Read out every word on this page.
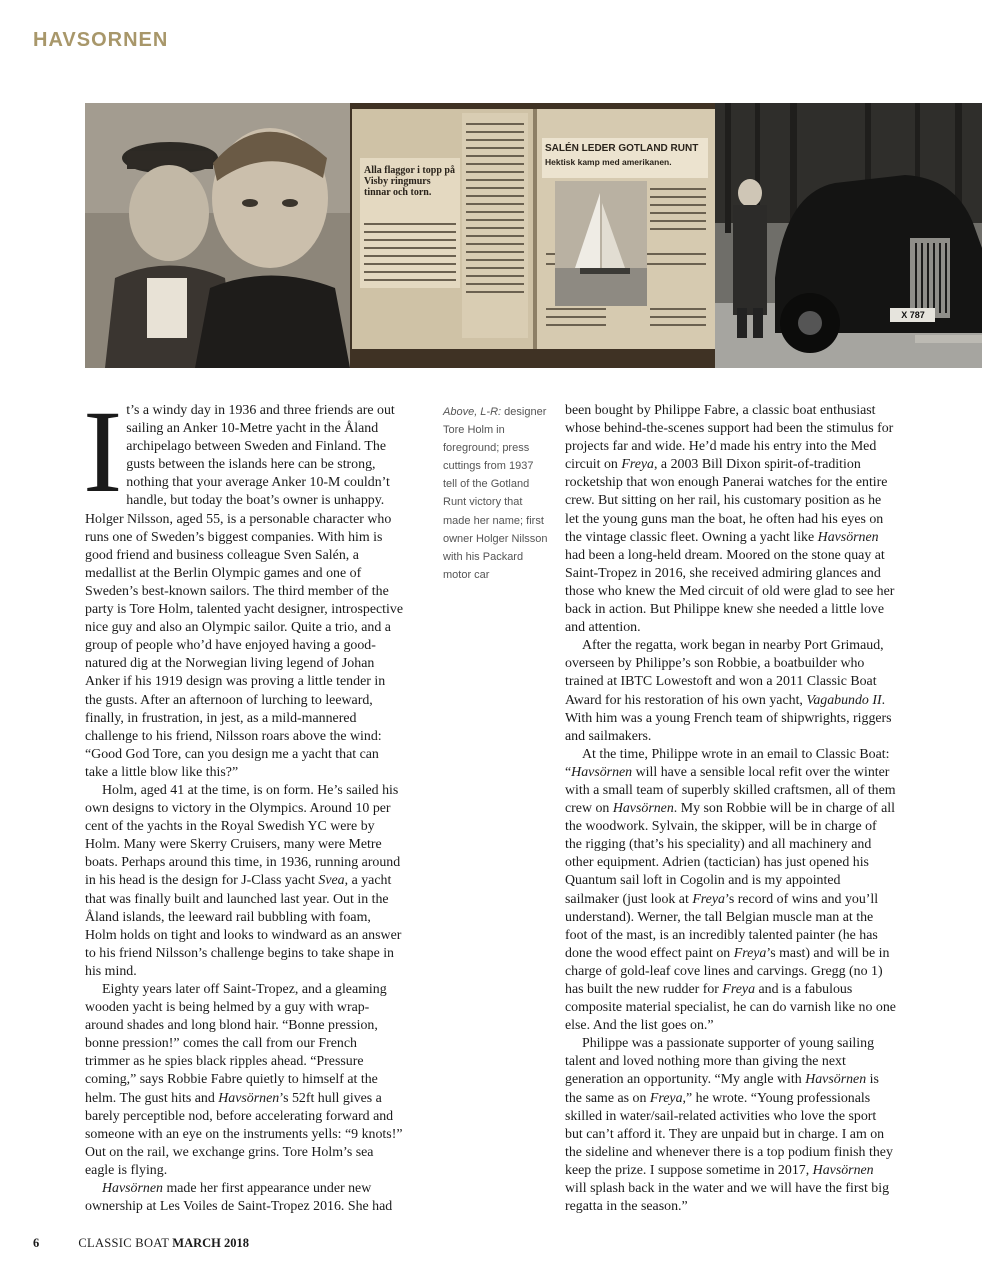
HAVSORNEN
Alla flaggor i topp på Visby ringmurs tinnar och torn.
SALÉN LEDER GOTLAND RUNT
Hektisk kamp med amerikanen.
X 787

It’s a windy day in 1936 and three friends are out sailing an Anker 10-Metre yacht in the Åland archipelago between Sweden and Finland. The gusts between the islands here can be strong, nothing that your average Anker 10-M couldn’t handle, but today the boat’s owner is unhappy. Holger Nilsson, aged 55, is a personable character who runs one of Sweden’s biggest companies. With him is good friend and business colleague Sven Salén, a medallist at the Berlin Olympic games and one of Sweden’s best-known sailors. The third member of the party is Tore Holm, talented yacht designer, introspective nice guy and also an Olympic sailor. Quite a trio, and a group of people who’d have enjoyed having a good-natured dig at the Norwegian living legend of Johan Anker if his 1919 design was proving a little tender in the gusts. After an afternoon of lurching to leeward, finally, in frustration, in jest, as a mild-mannered challenge to his friend, Nilsson roars above the wind: “Good God Tore, can you design me a yacht that can take a little blow like this?”

Holm, aged 41 at the time, is on form. He’s sailed his own designs to victory in the Olympics. Around 10 per cent of the yachts in the Royal Swedish YC were by Holm. Many were Skerry Cruisers, many were Metre boats. Perhaps around this time, in 1936, running around in his head is the design for J-Class yacht Svea, a yacht that was finally built and launched last year. Out in the Åland islands, the leeward rail bubbling with foam, Holm holds on tight and looks to windward as an answer to his friend Nilsson’s challenge begins to take shape in his mind.

Eighty years later off Saint-Tropez, and a gleaming wooden yacht is being helmed by a guy with wrap-around shades and long blond hair. “Bonne pression, bonne pression!” comes the call from our French trimmer as he spies black ripples ahead. “Pressure coming,” says Robbie Fabre quietly to himself at the helm. The gust hits and Havsörnen’s 52ft hull gives a barely perceptible nod, before accelerating forward and someone with an eye on the instruments yells: “9 knots!” Out on the rail, we exchange grins. Tore Holm’s sea eagle is flying.

Havsörnen made her first appearance under new ownership at Les Voiles de Saint-Tropez 2016. She had

Above, L-R: designer Tore Holm in foreground; press cuttings from 1937 tell of the Gotland Runt victory that made her name; first owner Holger Nilsson with his Packard motor car

been bought by Philippe Fabre, a classic boat enthusiast whose behind-the-scenes support had been the stimulus for projects far and wide. He’d made his entry into the Med circuit on Freya, a 2003 Bill Dixon spirit-of-tradition rocketship that won enough Panerai watches for the entire crew. But sitting on her rail, his customary position as he let the young guns man the boat, he often had his eyes on the vintage classic fleet. Owning a yacht like Havsörnen had been a long-held dream. Moored on the stone quay at Saint-Tropez in 2016, she received admiring glances and those who knew the Med circuit of old were glad to see her back in action. But Philippe knew she needed a little love and attention.

After the regatta, work began in nearby Port Grimaud, overseen by Philippe’s son Robbie, a boatbuilder who trained at IBTC Lowestoft and won a 2011 Classic Boat Award for his restoration of his own yacht, Vagabundo II. With him was a young French team of shipwrights, riggers and sailmakers.

At the time, Philippe wrote in an email to Classic Boat: “Havsörnen will have a sensible local refit over the winter with a small team of superbly skilled craftsmen, all of them crew on Havsörnen. My son Robbie will be in charge of all the woodwork. Sylvain, the skipper, will be in charge of the rigging (that’s his speciality) and all machinery and other equipment. Adrien (tactician) has just opened his Quantum sail loft in Cogolin and is my appointed sailmaker (just look at Freya’s record of wins and you’ll understand). Werner, the tall Belgian muscle man at the foot of the mast, is an incredibly talented painter (he has done the wood effect paint on Freya’s mast) and will be in charge of gold-leaf cove lines and carvings. Gregg (no 1) has built the new rudder for Freya and is a fabulous composite material specialist, he can do varnish like no one else. And the list goes on.”

Philippe was a passionate supporter of young sailing talent and loved nothing more than giving the next generation an opportunity. “My angle with Havsörnen is the same as on Freya,” he wrote. “Young professionals skilled in water/sail-related activities who love the sport but can’t afford it. They are unpaid but in charge. I am on the sideline and whenever there is a top podium finish they keep the prize. I suppose sometime in 2017, Havsörnen will splash back in the water and we will have the first big regatta in the season.”

6	CLASSIC BOAT MARCH 2018
